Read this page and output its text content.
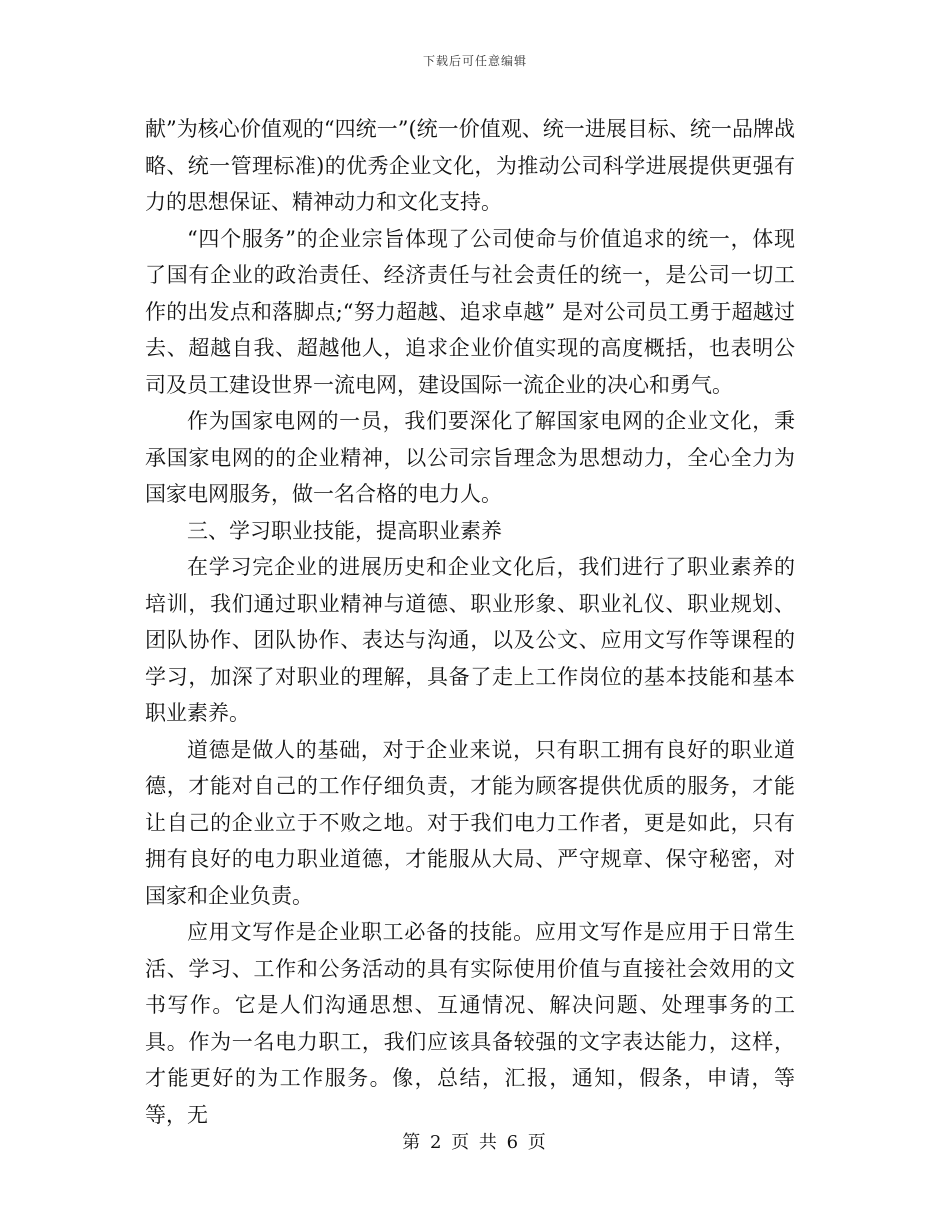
下载后可任意编辑

献”为核心价值观的“四统一”(统一价值观、统一进展目标、统一品牌战略、统一管理标准)的优秀企业文化，为推动公司科学进展提供更强有力的思想保证、精神动力和文化支持。

“四个服务”的企业宗旨体现了公司使命与价值追求的统一，体现了国有企业的政治责任、经济责任与社会责任的统一，是公司一切工作的出发点和落脚点;“努力超越、追求卓越” 是对公司员工勇于超越过去、超越自我、超越他人，追求企业价值实现的高度概括，也表明公司及员工建设世界一流电网，建设国际一流企业的决心和勇气。

作为国家电网的一员，我们要深化了解国家电网的企业文化，秉承国家电网的的企业精神，以公司宗旨理念为思想动力，全心全力为国家电网服务，做一名合格的电力人。

三、学习职业技能，提高职业素养

在学习完企业的进展历史和企业文化后，我们进行了职业素养的培训，我们通过职业精神与道德、职业形象、职业礼仪、职业规划、团队协作、团队协作、表达与沟通，以及公文、应用文写作等课程的学习，加深了对职业的理解，具备了走上工作岗位的基本技能和基本职业素养。

道德是做人的基础，对于企业来说，只有职工拥有良好的职业道德，才能对自己的工作仔细负责，才能为顾客提供优质的服务，才能让自己的企业立于不败之地。对于我们电力工作者，更是如此，只有拥有良好的电力职业道德，才能服从大局、严守规章、保守秘密，对国家和企业负责。

应用文写作是企业职工必备的技能。应用文写作是应用于日常生活、学习、工作和公务活动的具有实际使用价值与直接社会效用的文书写作。它是人们沟通思想、互通情况、解决问题、处理事务的工具。作为一名电力职工，我们应该具备较强的文字表达能力，这样，才能更好的为工作服务。像，总结，汇报，通知，假条，申请，等等，无

第 2 页 共 6 页
